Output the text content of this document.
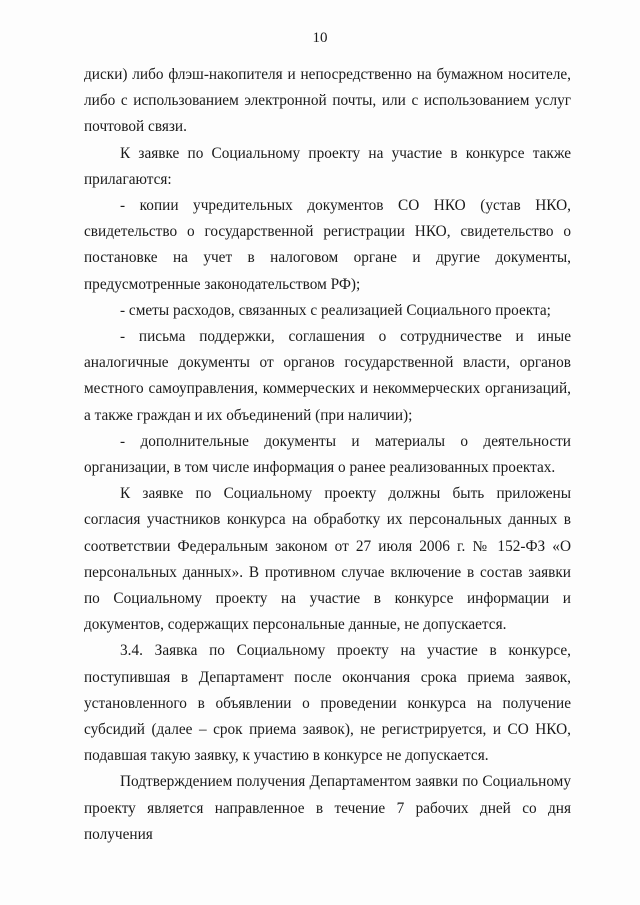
10

диски) либо флэш-накопителя и непосредственно на бумажном носителе, либо с использованием электронной почты, или с использованием услуг почтовой связи.

К заявке по Социальному проекту на участие в конкурсе также прилагаются:

- копии учредительных документов СО НКО (устав НКО, свидетельство о государственной регистрации НКО, свидетельство о постановке на учет в налоговом органе и другие документы, предусмотренные законодательством РФ);

- сметы расходов, связанных с реализацией Социального проекта;

- письма поддержки, соглашения о сотрудничестве и иные аналогичные документы от органов государственной власти, органов местного самоуправления, коммерческих и некоммерческих организаций, а также граждан и их объединений (при наличии);

- дополнительные документы и материалы о деятельности организации, в том числе информация о ранее реализованных проектах.

К заявке по Социальному проекту должны быть приложены согласия участников конкурса на обработку их персональных данных в соответствии Федеральным законом от 27 июля 2006 г. № 152-ФЗ «О персональных данных». В противном случае включение в состав заявки по Социальному проекту на участие в конкурсе информации и документов, содержащих персональные данные, не допускается.

3.4. Заявка по Социальному проекту на участие в конкурсе, поступившая в Департамент после окончания срока приема заявок, установленного в объявлении о проведении конкурса на получение субсидий (далее – срок приема заявок), не регистрируется, и СО НКО, подавшая такую заявку, к участию в конкурсе не допускается.

Подтверждением получения Департаментом заявки по Социальному проекту является направленное в течение 7 рабочих дней со дня получения
